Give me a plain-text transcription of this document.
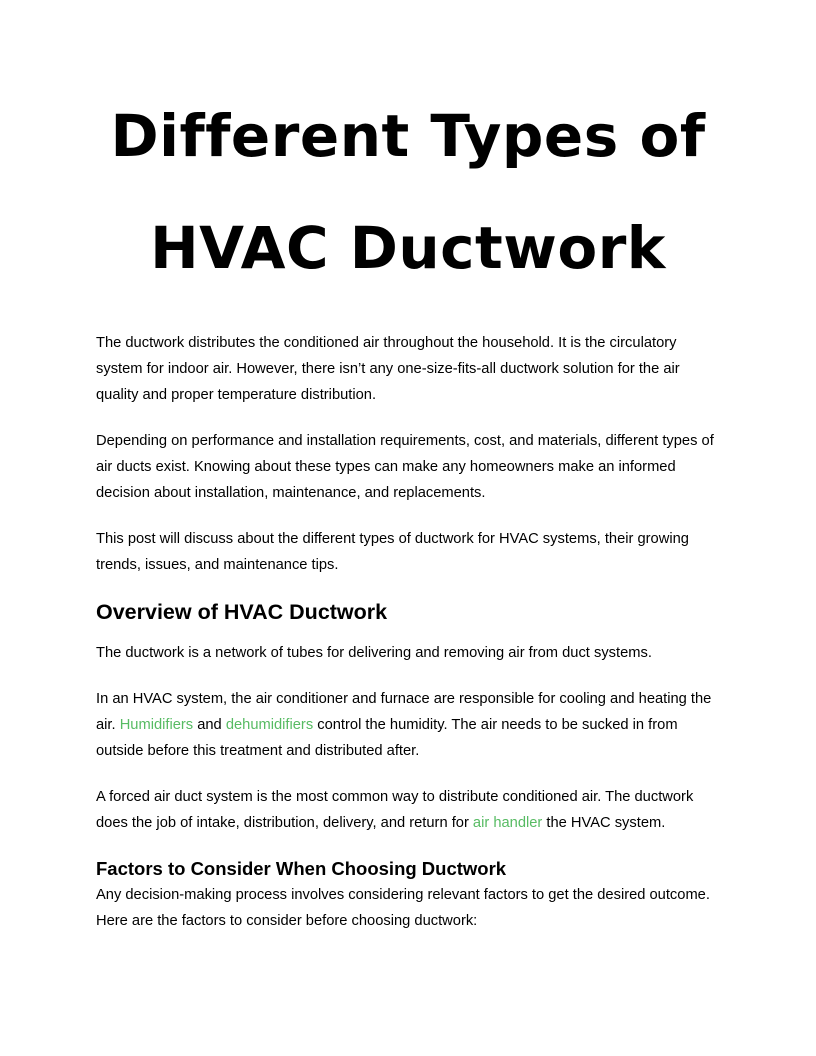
Different Types of
HVAC Ductwork

The ductwork distributes the conditioned air throughout the household. It is the circulatory system for indoor air. However, there isn’t any one-size-fits-all ductwork solution for the air quality and proper temperature distribution.

Depending on performance and installation requirements, cost, and materials, different types of air ducts exist. Knowing about these types can make any homeowners make an informed decision about installation, maintenance, and replacements.

This post will discuss about the different types of ductwork for HVAC systems, their growing trends, issues, and maintenance tips.

Overview of HVAC Ductwork

The ductwork is a network of tubes for delivering and removing air from duct systems.

In an HVAC system, the air conditioner and furnace are responsible for cooling and heating the air. Humidifiers and dehumidifiers control the humidity. The air needs to be sucked in from outside before this treatment and distributed after.

A forced air duct system is the most common way to distribute conditioned air. The ductwork does the job of intake, distribution, delivery, and return for air handler the HVAC system.

Factors to Consider When Choosing Ductwork

Any decision-making process involves considering relevant factors to get the desired outcome. Here are the factors to consider before choosing ductwork:
